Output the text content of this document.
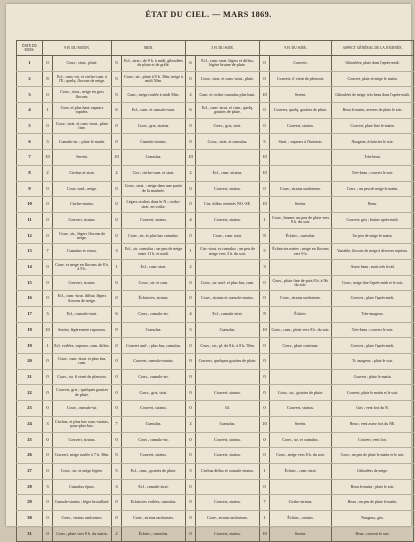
ÉTAT DU CIEL. — MARS 1869.
DATE DU MOIS.	9 H. DU MATIN.		MIDI.		3 H. DU SOIR.		9 H. DU SOIR.		ASPECT GÉNÉRAL DE LA JOURNÉE.
1	0	Couv., strat., pluie.	0	Ecl., strat.; de 9 h. à midi, giboulées de pluie et de grêle.	6	Ecl., cum.-strat. légers et diffus; légère bruine de pluie.	0	Couvert.	Giboulées; pluie dans l'après-midi.
2	8	Ecl., cum.-str. et cirrho-cum. à l'E.; quelq. flocons de neige.	0	Couv., str., pluie à 9 h. 30m; neige à midi 50m.	0	Couv., strat. et cum.-strat., pluie.	0	Couvert; il vient de pleuvoir.	Couvert, pluie et neige le matin.
3	0	Couv., strat., neige en gros flocons.	0	Cum.; neige roulée à midi 50m.	2	Cum. et cirrho-cumulus plus haut.	10	Serein.	Giboulées de neige; très beau dans l'après-midi.
4	1	Cum. et plus haut vapeurs rapides.	6	Ecl., cum. et cumulo-strat.	6	Ecl., cum.-strat. et cum., quelq. gouttes de pluie.	0	Couvert, quelq. gouttes de pluie.	Beau le matin, averses de pluie le soir.
5	0	Couv., strat. et cum.-strat., pluie fine.	0	Couv., gris, stratus.	0	Couv., gris, strat.	0	Couvert, stratus.	Couvert; pluie fine le matin.
6	3	Cumulo-str. ; pluie le matin.	0	Cumulo-stratus.	0	Couv., strat. et cumulus.	5	Strat. ; vapeurs à l'horizon.	Nuageux; éclaircies le soir.
7	10	Serein.	10	Cumulus.	10		10		Très-beau.
8	2	Cirrhus et strat.	2	Cirr., cirrho-cum. et strat.	2	Ecl., cum.-stratus.	10		Très-beau ; couvert le soir.
9	0	Couv. unif., neige.	0	Couv., strat. ; neige dans une partie de la matinée.	0	Couvert, stratus.	0	Couv., stratus uniformes.	Couv. ; un peu de neige le matin.
10	0	Cirrho-stratus.	0	Légers cirrhus dans le N.; cirrho-strat. en voûte.	0	Cirr. diffus orientés NO.-SE.	10	Serein.	Beau.
11	0	Couvert, stratus.	0	Couvert, stratus.	4	Couvert, stratus.	1	Couv., brume; un peu de pluie vers 8 h. du soir.	Couvert; gris ; bruine après-midi.
12	0	Couv., str., légers flocons de neige.	0	Couv., str. et plus bas cumulus.	0	Couv., cum. strat.	8	Éclairc., cumulus.	Un peu de neige le matin.
13	7	Cumulus et cirrus.	3	Ecl., str. cumulus ; un peu de neige entre 11 h. et midi.	1	Cirr.-strat. et cumulus ; un peu de neige vers 3 h. du soir.	5	Éclaircies nuées ; neige en flocons vers 9 h.	Variable; flocons de neige à diverses reprises.
14	0	Couv. et neige en flocons de 8 h. à 9 h.	1	Ecl., cum.-strat.	2		3		Assez beau ; mais très froid.
15	0	Couvert, stratus.	0	Couv., str. et cum.	0	Couv., str. unif. et plus bas, cum.	0	Couv., pluie fine de puis 8 h. à 9h. du soir.	Couv.; neige fine l'après-midi et le soir.
16	0	Ecl., cum.-strat. diffus; légers flocons de neige.	0	Éclaircies, stratus.	0	Couv., stratus et cumulo-stratus.	0	Couv., stratus uniformes.	Couvert ; pluie l'après-midi.
17	3	Ecl., cumulo-strat.	6	Couv., cumulo-str.	4	Ecl., cumulo-strat.	8	Éclairc.	Très-nuageux.
18	10	Serein; légèrement vaporeux.	9	Cumulus.	5	Cumulus.	10	Couv., cum., pluie vers 8 h. du soir.	Très-beau ; couvert le soir.
19	1	Ecl. voilées, vapeurs, cum. diffus.	0	Couvert unif. ; plus bas, cumulus.	0	Couv., str.; pl. de 8 h. à 8 h. 50m.	0	Couv., pluie continue.	Couvert ; pluie l'après-midi.
20	0	Couv., cum.-strat. et plus bas, cum.	0	Couvert, cumulo-stratus.	0	Couvert, quelques gouttes de pluie.	0		Tr. nuageux ; pluie le soir.
21	0	Couv., str. il vient de pleuvoir.	0	Couv., cumulo-str.	0		0		Couvert ; pluie le matin.
22	0	Couvert, gris ; quelques gouttes de pluie.	0	Couv., gris, strat.	0	Couvert, stratus.	0	Couv., str., gouttes de pluie.	Couvert, pluie le matin et le soir.
23	0	Couv., cumulo-str.	0	Couvert, stratus.	0	Id.	0	Couvert, stratus.	Gris ; vent fort du N.
24	3	Cirrhus, et plus bas cum.-stratus, pour-plus-bas.	7	Cumulus.	2	Cumulus.	10	Serein.	Beau ; vent assez fort du NE.
25	0	Couvert, stratus.	0	Couv., cumulo-str.	0	Couvert, stratus.	0	Couv., str. et cumulus.	Couvert; vent fort.
26	0	Couvert, neige roulée à 7 h. 30m.	0	Couvert, stratus.	0	Couvert, stratus.	0	Couv., neige vers 8 h. du soir.	Couv.; un peu de pluie le matin et le soir.
27	0	Couv., str. et neige légère.	5	Ecl., cum., gouttes de pluie.	5	Cirrhus diffus et cumulo-stratus.	1	Éclairc., cum.-strat.	Giboulées de neige.
28	3	Cumulus épars.	3	Ecl., cumulo-strat.	0		0		Beau le matin ; pluie le soir.
29	0	Cumulo-stratus ; léger brouillard.	0	Eclaircies voilées, cumulus.	0	Couvert, stratus.	7	Cirrho-stratus.	Beau ; un peu de pluie le matin.
30	0	Couv., stratus uniformes.	0	Couv., stratus uniformes.	0	Couv., stratus uniformes.	1	Éclairc., stratus.	Nuageux, gris.
31	0	Couv.; pluie vers 8 h. du matin.	2	Éclairc., cumulus.	0	Couvert, stratus.	10	Serein.	Beau ; couvert le soir.
